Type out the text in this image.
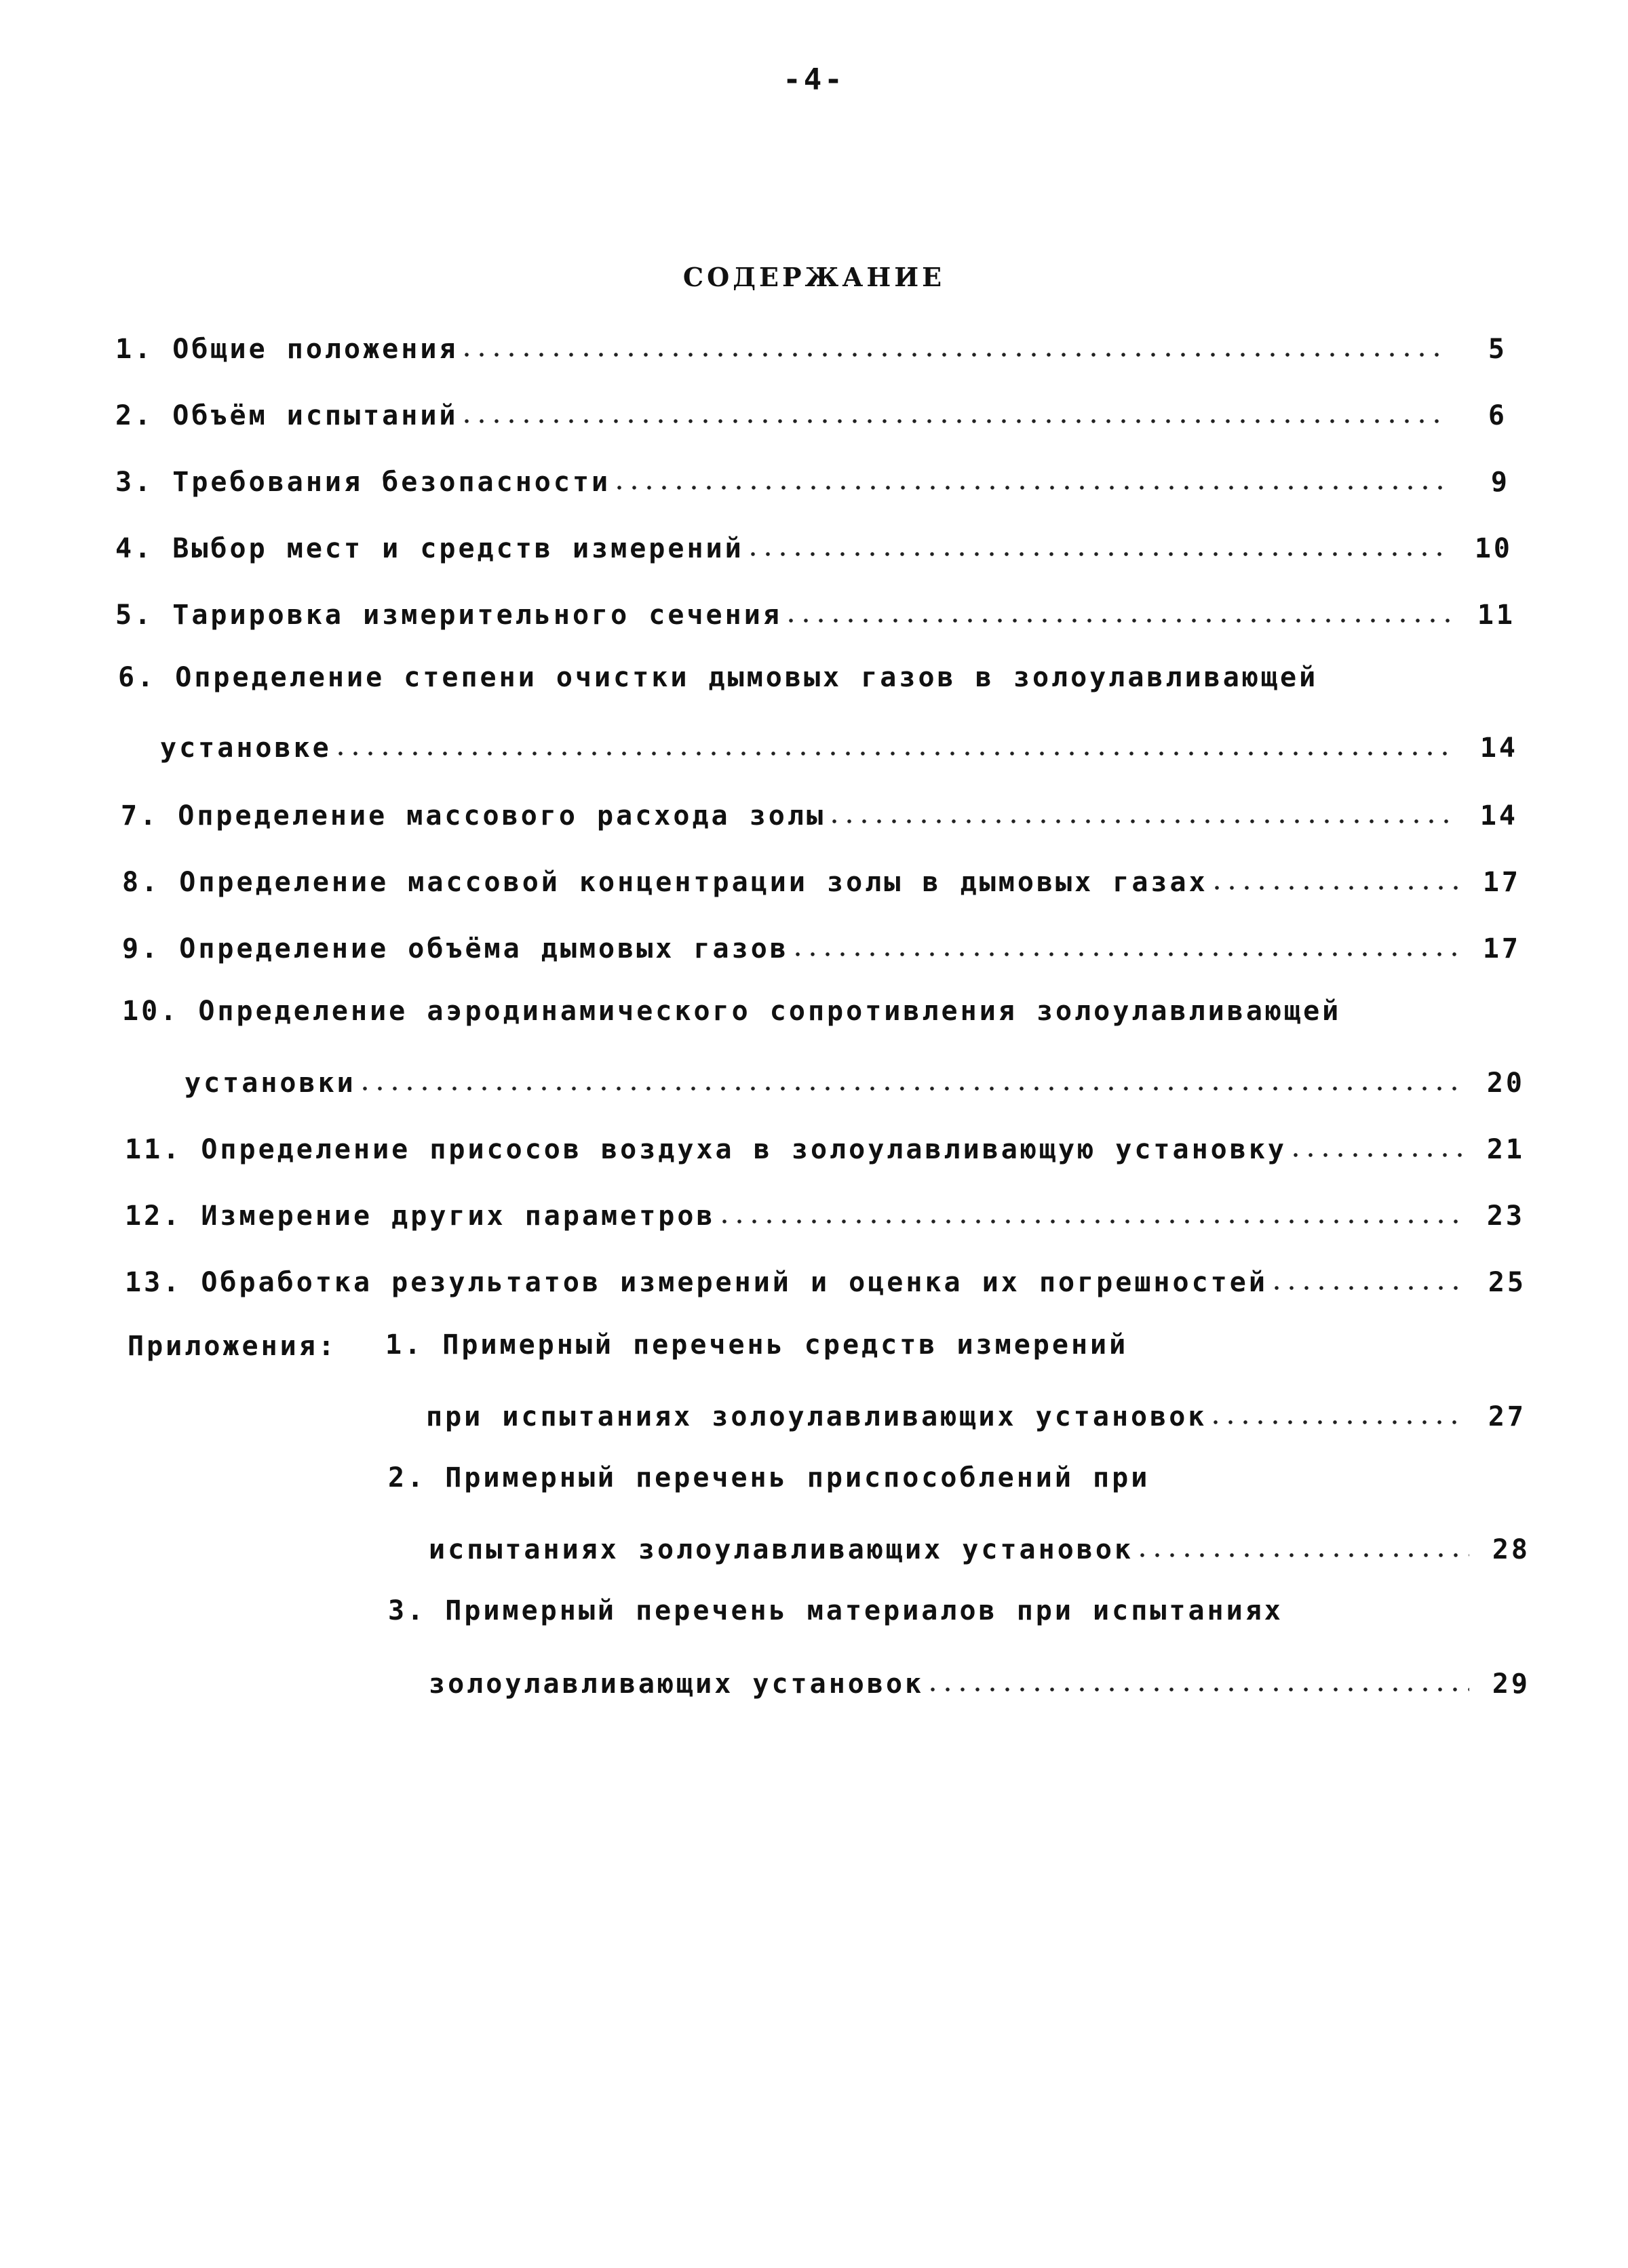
-4-
СОДЕРЖАНИЕ
1. Общие положения	5
2. Объём испытаний	6
3. Требования безопасности	9
4. Выбор мест и средств измерений	10
5. Тарировка измерительного сечения	11
6. Определение степени очистки дымовых газов в золоулавливающей
установке	14
7. Определение массового расхода золы	14
8. Определение массовой концентрации золы в дымовых газах	17
9. Определение объёма дымовых газов	17
10. Определение аэродинамического сопротивления золоулавливающей
установки	20
11. Определение присосов воздуха в золоулавливающую установку	21
12. Измерение других параметров	23
13. Обработка результатов измерений и оценка их погрешностей	25
Приложения: 1. Примерный перечень средств измерений
при испытаниях золоулавливающих установок	27
2. Примерный перечень приспособлений при
испытаниях золоулавливающих установок	28
3. Примерный перечень материалов при испытаниях
золоулавливающих установок	29
